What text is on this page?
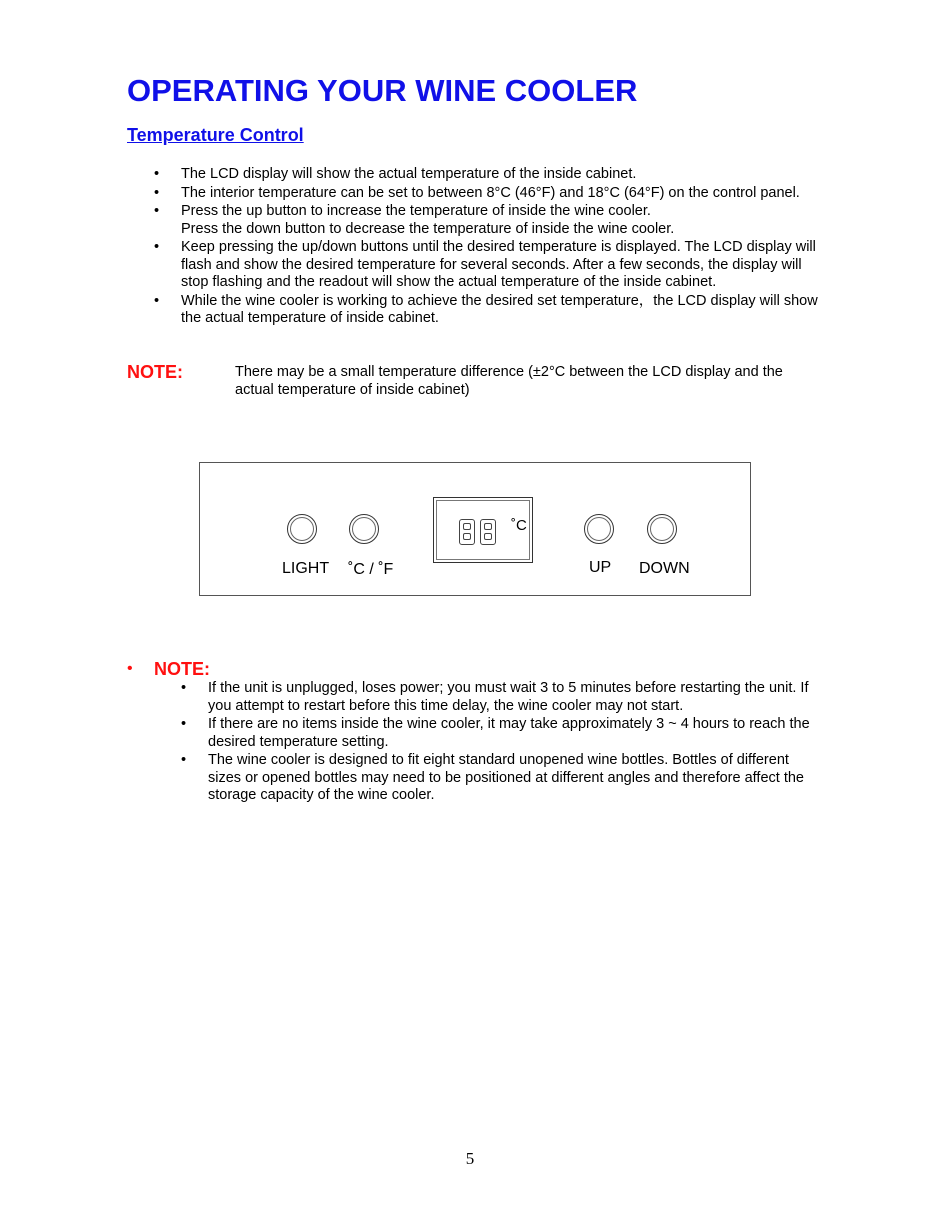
OPERATING YOUR WINE COOLER
Temperature Control
• The LCD display will show the actual temperature of the inside cabinet.
• The interior temperature can be set to between 8°C (46°F) and 18°C (64°F) on the control panel.
• Press the up button to increase the temperature of inside the wine cooler.
Press the down button to decrease the temperature of inside the wine cooler.
• Keep pressing the up/down buttons until the desired temperature is displayed. The LCD display will flash and show the desired temperature for several seconds. After a few seconds, the display will stop flashing and the readout will show the actual temperature of the inside cabinet.
• While the wine cooler is working to achieve the desired set temperature，the LCD display will show the actual temperature of inside cabinet.
NOTE:	There may be a small temperature difference (±2°C between the LCD display and the actual temperature of inside cabinet)
LIGHT ˚C / ˚F
˚C
UP DOWN
• NOTE:
• If the unit is unplugged, loses power; you must wait 3 to 5 minutes before restarting the unit. If you attempt to restart before this time delay, the wine cooler may not start.
• If there are no items inside the wine cooler, it may take approximately 3 ~ 4 hours to reach the desired temperature setting.
• The wine cooler is designed to fit eight standard unopened wine bottles. Bottles of different sizes or opened bottles may need to be positioned at different angles and therefore affect the storage capacity of the wine cooler.
5
